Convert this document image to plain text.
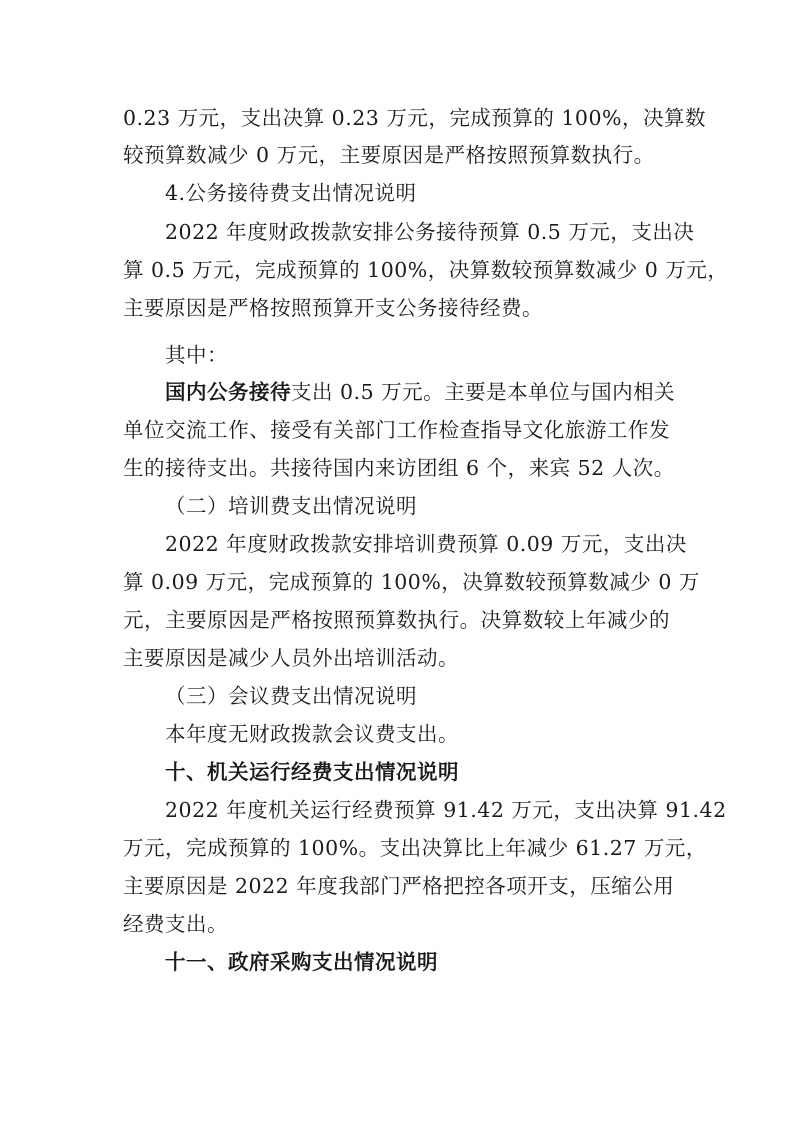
0.23 万元，支出决算 0.23 万元，完成预算的 100%，决算数
较预算数减少 0 万元，主要原因是严格按照预算数执行。
4.公务接待费支出情况说明
2022 年度财政拨款安排公务接待预算 0.5 万元，支出决
算 0.5 万元，完成预算的 100%，决算数较预算数减少 0 万元，
主要原因是严格按照预算开支公务接待经费。
其中：
国内公务接待支出 0.5 万元。主要是本单位与国内相关
单位交流工作、接受有关部门工作检查指导文化旅游工作发
生的接待支出。共接待国内来访团组 6 个，来宾 52 人次。
（二）培训费支出情况说明
2022 年度财政拨款安排培训费预算 0.09 万元，支出决
算 0.09 万元，完成预算的 100%，决算数较预算数减少 0 万
元，主要原因是严格按照预算数执行。决算数较上年减少的
主要原因是减少人员外出培训活动。
（三）会议费支出情况说明
本年度无财政拨款会议费支出。
十、机关运行经费支出情况说明
2022 年度机关运行经费预算 91.42 万元，支出决算 91.42
万元，完成预算的 100%。支出决算比上年减少 61.27 万元，
主要原因是 2022 年度我部门严格把控各项开支，压缩公用
经费支出。
十一、政府采购支出情况说明
